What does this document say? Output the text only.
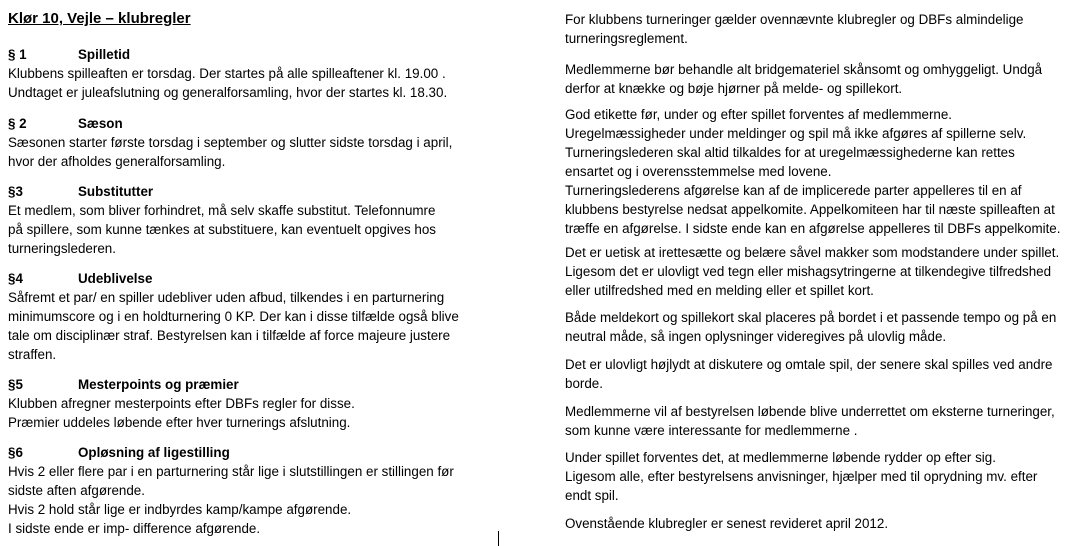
Klør 10, Vejle – klubregler
§ 1	Spilletid
Klubbens spilleaften er torsdag. Der startes på alle spilleaftener kl. 19.00 .
Undtaget er juleafslutning og generalforsamling, hvor der startes kl. 18.30.
§ 2	Sæson
Sæsonen starter første torsdag i september og slutter sidste torsdag i april,
hvor der afholdes generalforsamling.
§3	Substitutter
Et medlem, som bliver forhindret, må selv skaffe substitut. Telefonnumre
på spillere, som kunne tænkes at substituere, kan eventuelt opgives hos
turneringslederen.
§4	Udeblivelse
Såfremt et par/ en spiller udebliver uden afbud, tilkendes i en parturnering
minimumscore og i en holdturnering 0 KP. Der kan i disse tilfælde også blive
tale om disciplinær straf. Bestyrelsen kan i tilfælde af force majeure justere
straffen.
§5	Mesterpoints og præmier
Klubben afregner mesterpoints efter DBFs regler for disse.
Præmier uddeles løbende efter hver turnerings afslutning.
§6	Opløsning af ligestilling
Hvis 2 eller flere par i en parturnering står lige i slutstillingen er stillingen før
sidste aften afgørende.
Hvis 2 hold står lige er indbyrdes kamp/kampe afgørende.
I sidste ende er imp- difference afgørende.
For klubbens turneringer gælder ovennævnte klubregler og DBFs almindelige
turneringsreglement.
Medlemmerne bør behandle alt bridgemateriel skånsomt og omhyggeligt. Undgå
derfor at knække og bøje hjørner på melde- og spillekort.
God etikette før, under og efter spillet forventes af medlemmerne.
Uregelmæssigheder under meldinger og spil må ikke afgøres af spillerne selv.
Turneringslederen skal altid tilkaldes for at uregelmæssighederne kan rettes
ensartet og i overensstemmelse med lovene.
Turneringslederens afgørelse kan af de implicerede parter appelleres til en af
klubbens bestyrelse nedsat appelkomite. Appelkomiteen har til næste spilleaften at
træffe en afgørelse. I sidste ende kan en afgørelse appelleres til DBFs appelkomite.
Det er uetisk at irettesætte og belære såvel makker som modstandere under spillet.
Ligesom det er ulovligt ved tegn eller mishagsytringerne at tilkendegive tilfredshed
eller utilfredshed med en melding eller et spillet kort.
Både meldekort og spillekort skal placeres på bordet i et passende tempo og på en
neutral måde, så ingen oplysninger videregives på ulovlig måde.
Det er ulovligt højlydt at diskutere og omtale spil, der senere skal spilles ved andre
borde.
Medlemmerne vil af bestyrelsen løbende blive underrettet om eksterne turneringer,
som kunne være interessante for medlemmerne .
Under spillet forventes det, at medlemmerne løbende rydder op efter sig.
Ligesom alle, efter bestyrelsens anvisninger, hjælper med til oprydning mv. efter
endt spil.
Ovenstående klubregler er senest revideret april 2012.
